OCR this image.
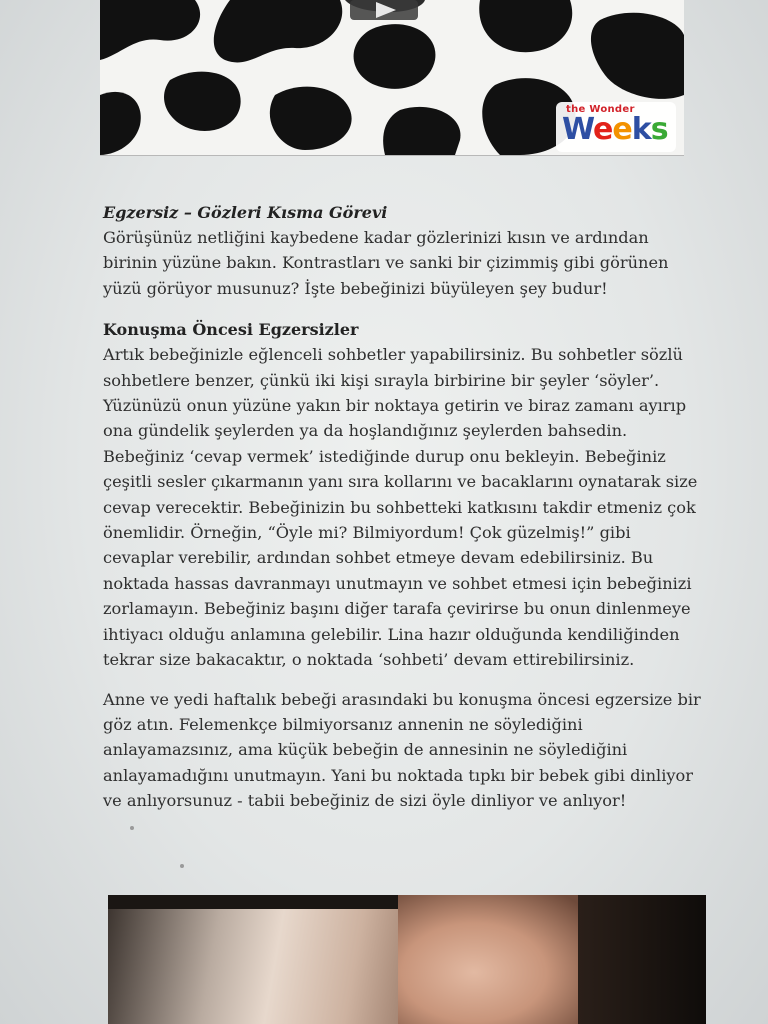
the Wonder
Weeks
Egzersiz – Gözleri Kısma Görevi

Görüşünüz netliğini kaybedene kadar gözlerinizi kısın ve ardından birinin yüzüne bakın. Kontrastları ve sanki bir çizimmiş gibi görünen yüzü görüyor musunuz? İşte bebeğinizi büyüleyen şey budur!

Konuşma Öncesi Egzersizler

Artık bebeğinizle eğlenceli sohbetler yapabilirsiniz. Bu sohbetler sözlü sohbetlere benzer, çünkü iki kişi sırayla birbirine bir şeyler ‘söyler’. Yüzünüzü onun yüzüne yakın bir noktaya getirin ve biraz zamanı ayırıp ona gündelik şeylerden ya da hoşlandığınız şeylerden bahsedin. Bebeğiniz ‘cevap vermek’ istediğinde durup onu bekleyin. Bebeğiniz çeşitli sesler çıkarmanın yanı sıra kollarını ve bacaklarını oynatarak size cevap verecektir. Bebeğinizin bu sohbetteki katkısını takdir etmeniz çok önemlidir. Örneğin, “Öyle mi? Bilmiyordum! Çok güzelmiş!” gibi cevaplar verebilir, ardından sohbet etmeye devam edebilirsiniz. Bu noktada hassas davranmayı unutmayın ve sohbet etmesi için bebeğinizi zorlamayın. Bebeğiniz başını diğer tarafa çevirirse bu onun dinlenmeye ihtiyacı olduğu anlamına gelebilir. Lina hazır olduğunda kendiliğinden tekrar size bakacaktır, o noktada ‘sohbeti’ devam ettirebilirsiniz.

Anne ve yedi haftalık bebeği arasındaki bu konuşma öncesi egzersize bir göz atın. Felemenkçe bilmiyorsanız annenin ne söylediğini anlayamazsınız, ama küçük bebeğin de annesinin ne söylediğini anlayamadığını unutmayın. Yani bu noktada tıpkı bir bebek gibi dinliyor ve anlıyorsunuz - tabii bebeğiniz de sizi öyle dinliyor ve anlıyor!
